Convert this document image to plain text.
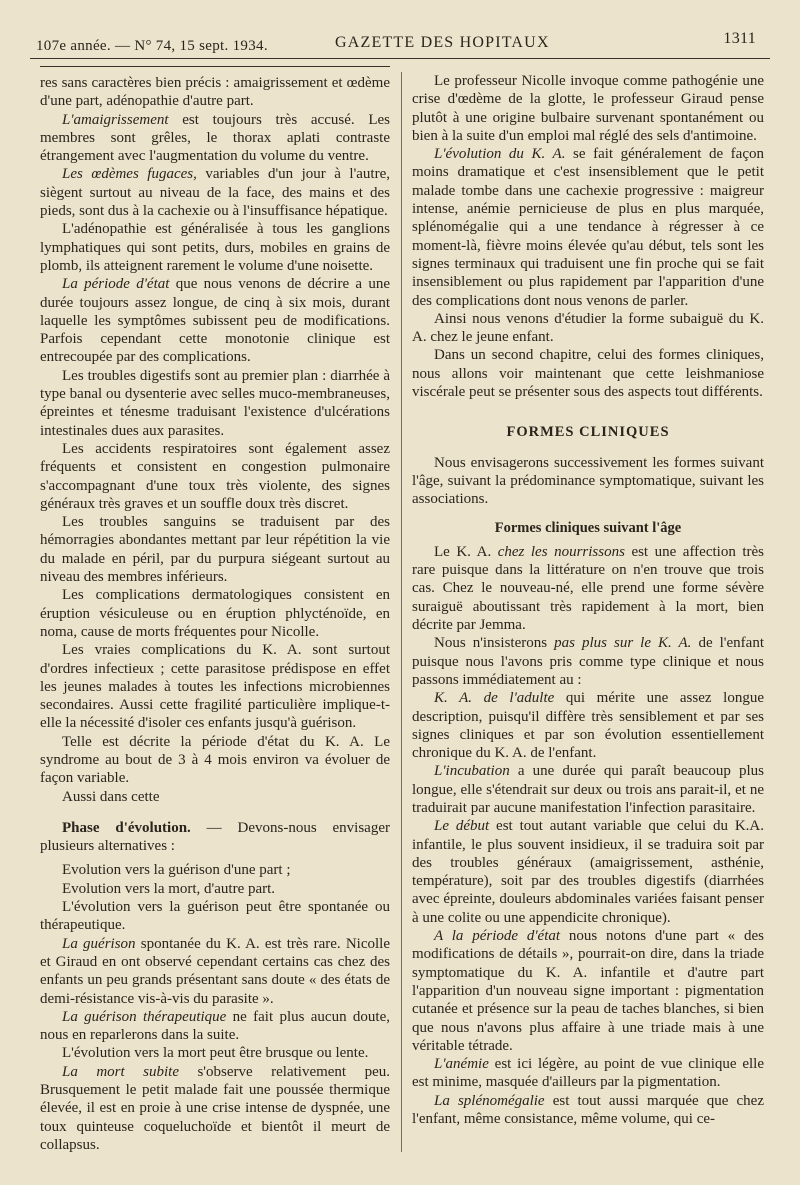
107e année. — N° 74, 15 sept. 1934.	GAZETTE DES HOPITAUX	1311

res sans caractères bien précis : amaigrissement et œdème d'une part, adénopathie d'autre part.

L'amaigrissement est toujours très accusé. Les membres sont grêles, le thorax aplati contraste étrangement avec l'augmentation du volume du ventre.

Les œdèmes fugaces, variables d'un jour à l'autre, siègent surtout au niveau de la face, des mains et des pieds, sont dus à la cachexie ou à l'insuffisance hépatique.

L'adénopathie est généralisée à tous les ganglions lymphatiques qui sont petits, durs, mobiles en grains de plomb, ils atteignent rarement le volume d'une noisette.

La période d'état que nous venons de décrire a une durée toujours assez longue, de cinq à six mois, durant laquelle les symptômes subissent peu de modifications. Parfois cependant cette monotonie clinique est entrecoupée par des complications.

Les troubles digestifs sont au premier plan : diarrhée à type banal ou dysenterie avec selles muco-membraneuses, épreintes et ténesme traduisant l'existence d'ulcérations intestinales dues aux parasites.

Les accidents respiratoires sont également assez fréquents et consistent en congestion pulmonaire s'accompagnant d'une toux très violente, des signes généraux très graves et un souffle doux très discret.

Les troubles sanguins se traduisent par des hémorragies abondantes mettant par leur répétition la vie du malade en péril, par du purpura siégeant surtout au niveau des membres inférieurs.

Les complications dermatologiques consistent en éruption vésiculeuse ou en éruption phlycténoïde, en noma, cause de morts fréquentes pour Nicolle.

Les vraies complications du K. A. sont surtout d'ordres infectieux ; cette parasitose prédispose en effet les jeunes malades à toutes les infections microbiennes secondaires. Aussi cette fragilité particulière implique-t-elle la nécessité d'isoler ces enfants jusqu'à guérison.

Telle est décrite la période d'état du K. A. Le syndrome au bout de 3 à 4 mois environ va évoluer de façon variable.

Aussi dans cette

Phase d'évolution. — Devons-nous envisager plusieurs alternatives :

Evolution vers la guérison d'une part ;

Evolution vers la mort, d'autre part.

L'évolution vers la guérison peut être spontanée ou thérapeutique.

La guérison spontanée du K. A. est très rare. Nicolle et Giraud en ont observé cependant certains cas chez des enfants un peu grands présentant sans doute « des états de demi-résistance vis-à-vis du parasite ».

La guérison thérapeutique ne fait plus aucun doute, nous en reparlerons dans la suite.

L'évolution vers la mort peut être brusque ou lente.

La mort subite s'observe relativement peu. Brusquement le petit malade fait une poussée thermique élevée, il est en proie à une crise intense de dyspnée, une toux quinteuse coqueluchoïde et bientôt il meurt de collapsus.

Le professeur Nicolle invoque comme pathogénie une crise d'œdème de la glotte, le professeur Giraud pense plutôt à une origine bulbaire survenant spontanément ou bien à la suite d'un emploi mal réglé des sels d'antimoine.

L'évolution du K. A. se fait généralement de façon moins dramatique et c'est insensiblement que le petit malade tombe dans une cachexie progressive : maigreur intense, anémie pernicieuse de plus en plus marquée, splénomégalie qui a une tendance à régresser à ce moment-là, fièvre moins élevée qu'au début, tels sont les signes terminaux qui traduisent une fin proche qui se fait insensiblement ou plus rapidement par l'apparition d'une des complications dont nous venons de parler.

Ainsi nous venons d'étudier la forme subaiguë du K. A. chez le jeune enfant.

Dans un second chapitre, celui des formes cliniques, nous allons voir maintenant que cette leishmaniose viscérale peut se présenter sous des aspects tout différents.

FORMES CLINIQUES

Nous envisagerons successivement les formes suivant l'âge, suivant la prédominance symptomatique, suivant les associations.

Formes cliniques suivant l'âge

Le K. A. chez les nourrissons est une affection très rare puisque dans la littérature on n'en trouve que trois cas. Chez le nouveau-né, elle prend une forme sévère suraiguë aboutissant très rapidement à la mort, bien décrite par Jemma.

Nous n'insisterons pas plus sur le K. A. de l'enfant puisque nous l'avons pris comme type clinique et nous passons immédiatement au :

K. A. de l'adulte qui mérite une assez longue description, puisqu'il diffère très sensiblement et par ses signes cliniques et par son évolution essentiellement chronique du K. A. de l'enfant.

L'incubation a une durée qui paraît beaucoup plus longue, elle s'étendrait sur deux ou trois ans parait-il, et ne traduirait par aucune manifestation l'infection parasitaire.

Le début est tout autant variable que celui du K.A. infantile, le plus souvent insidieux, il se traduira soit par des troubles généraux (amaigrissement, asthénie, température), soit par des troubles digestifs (diarrhées avec épreinte, douleurs abdominales variées faisant penser à une colite ou une appendicite chronique).

A la période d'état nous notons d'une part « des modifications de détails », pourrait-on dire, dans la triade symptomatique du K. A. infantile et d'autre part l'apparition d'un nouveau signe important : pigmentation cutanée et présence sur la peau de taches blanches, si bien que nous n'avons plus affaire à une triade mais à une véritable tétrade.

L'anémie est ici légère, au point de vue clinique elle est minime, masquée d'ailleurs par la pigmentation.

La splénomégalie est tout aussi marquée que chez l'enfant, même consistance, même volume, qui ce-
